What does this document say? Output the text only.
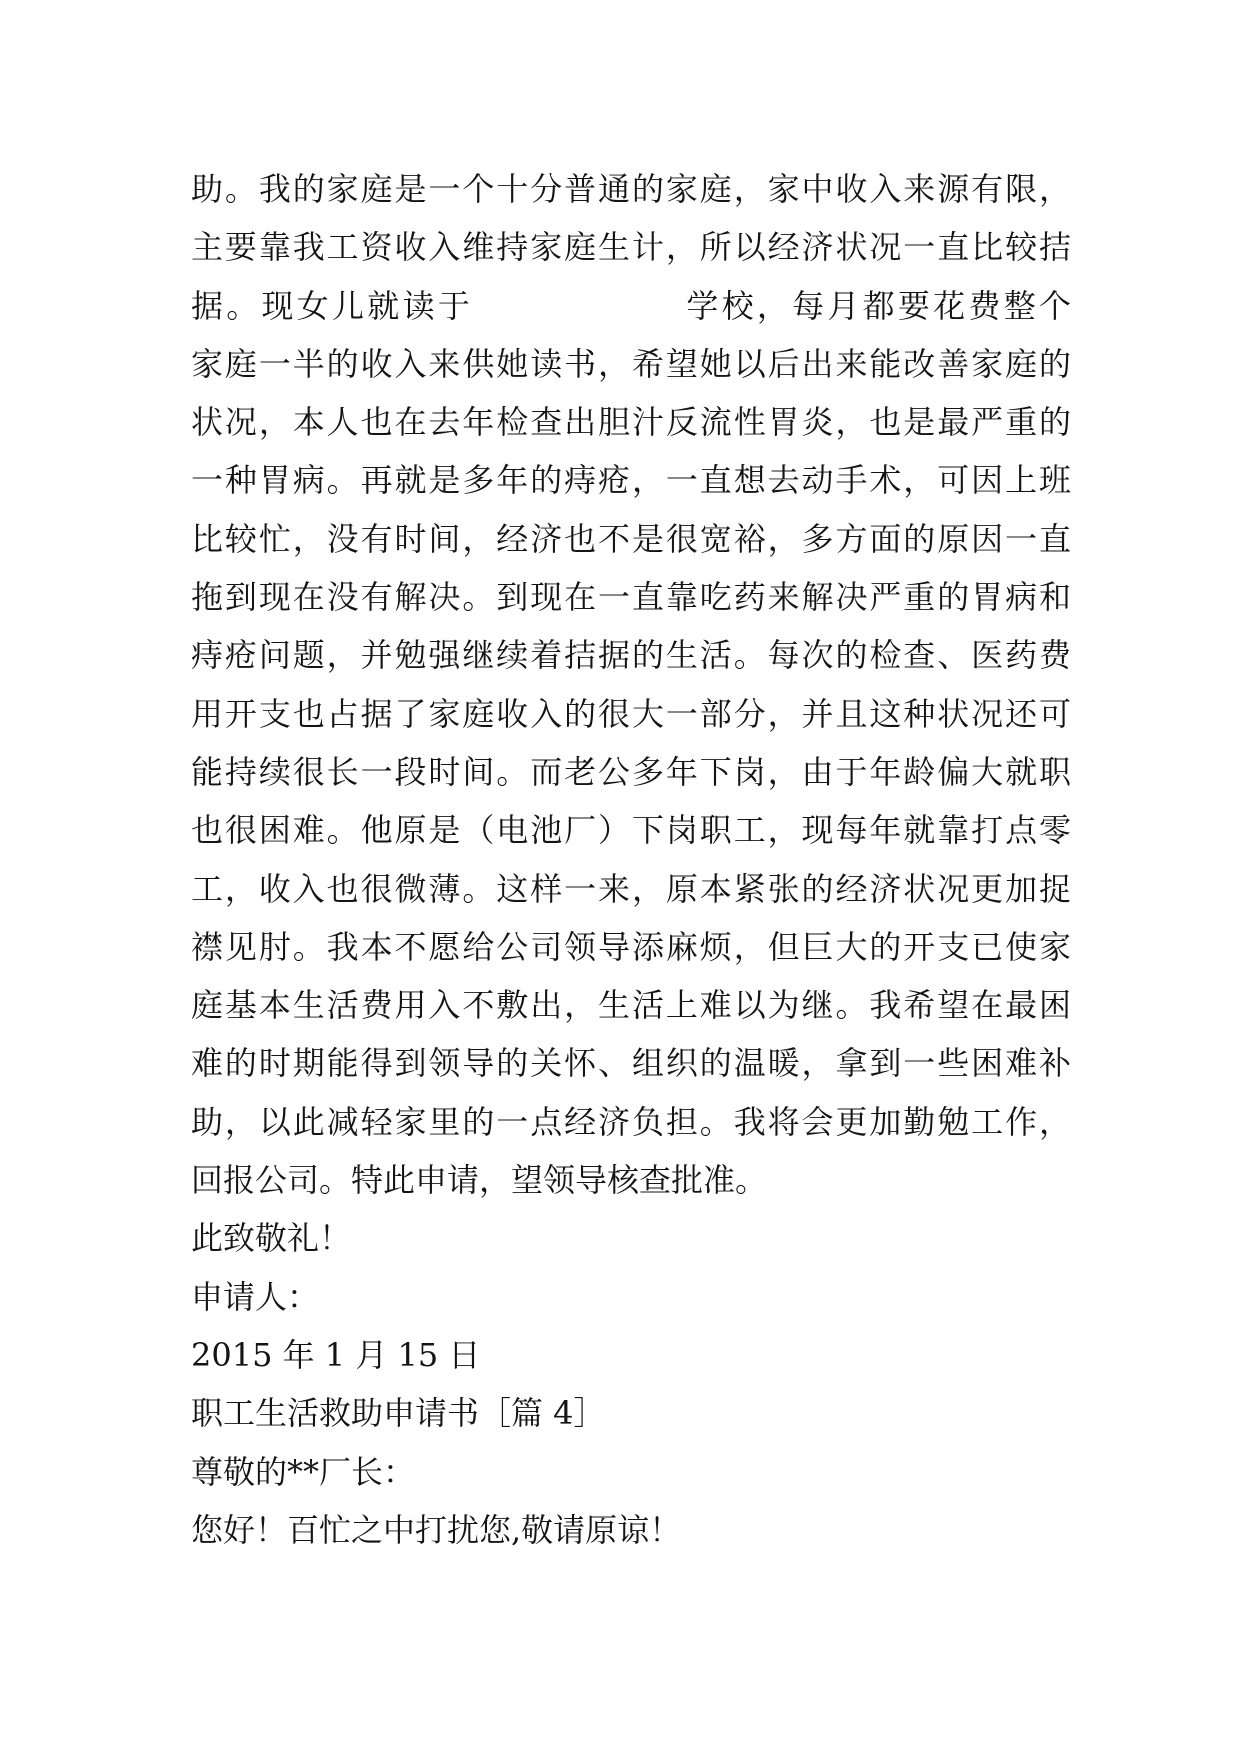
助。我的家庭是一个十分普通的家庭，家中收入来源有限，
主要靠我工资收入维持家庭生计，所以经济状况一直比较拮
据。现女儿就读于	学校，每月都要花费整个
家庭一半的收入来供她读书，希望她以后出来能改善家庭的
状况，本人也在去年检查出胆汁反流性胃炎，也是最严重的
一种胃病。再就是多年的痔疮，一直想去动手术，可因上班
比较忙，没有时间，经济也不是很宽裕，多方面的原因一直
拖到现在没有解决。到现在一直靠吃药来解决严重的胃病和
痔疮问题，并勉强继续着拮据的生活。每次的检查、医药费
用开支也占据了家庭收入的很大一部分，并且这种状况还可
能持续很长一段时间。而老公多年下岗，由于年龄偏大就职
也很困难。他原是（电池厂）下岗职工，现每年就靠打点零
工，收入也很微薄。这样一来，原本紧张的经济状况更加捉
襟见肘。我本不愿给公司领导添麻烦，但巨大的开支已使家
庭基本生活费用入不敷出，生活上难以为继。我希望在最困
难的时期能得到领导的关怀、组织的温暖，拿到一些困难补
助，以此减轻家里的一点经济负担。我将会更加勤勉工作，
回报公司。特此申请，望领导核查批准。
此致敬礼！
申请人：
2015 年 1 月 15 日
职工生活救助申请书［篇 4］
尊敬的**厂长：
您好！百忙之中打扰您,敬请原谅！
